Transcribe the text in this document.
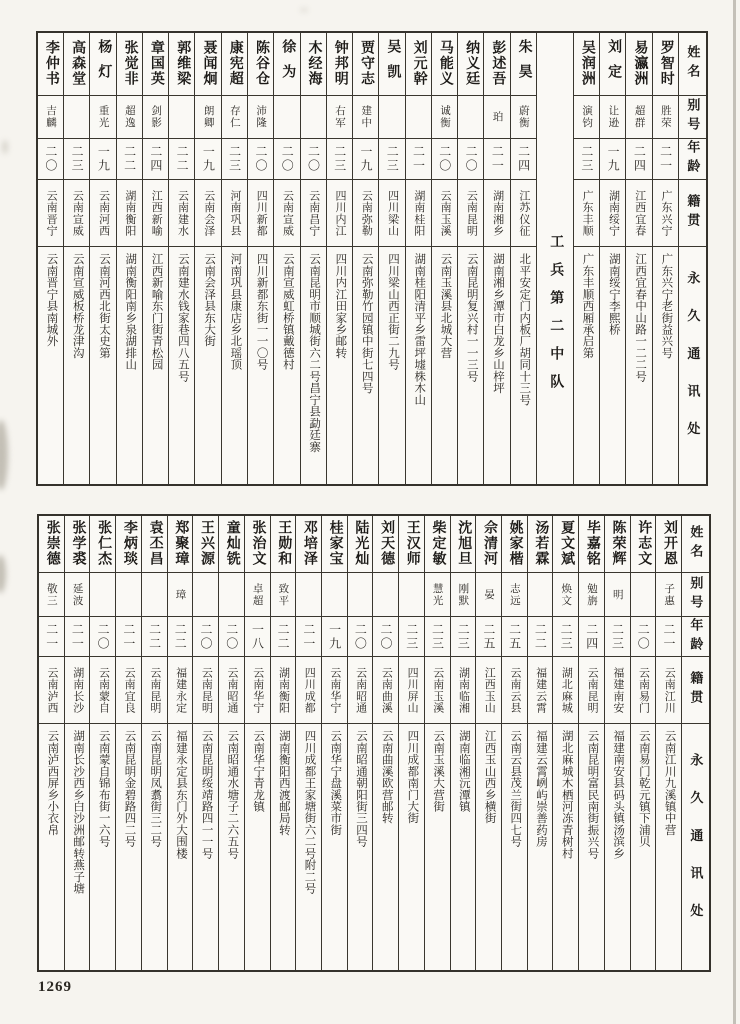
姓名
别号
年龄
籍贯
永久通讯处
罗智时
胜荣
二一
广东兴宁
广东兴宁老街益兴号
易瀛洲
超群
二四
江西宜春
江西宜春中山路一二二号
刘定
让逊
一九
湖南绥宁
湖南绥宁李熙桥
吴润洲
演钧
二三
广东丰顺
广东丰顺西厢承启第
工兵第二中队
朱昊
蔚衡
二四
江苏仪征
北平安定门内板厂胡同十三号
彭述吾
珀
二一
湖南湘乡
湖南湘乡潭市白龙乡山梓坪
纳义廷
二〇
云南昆明
云南昆明复兴村一一三号
马能义
诚衡
二〇
云南玉溪
云南玉溪县北城大营
刘元幹
二一
湖南桂阳
湖南桂阳清平乡雷坪墟株木山
吴凯
二三
四川梁山
四川梁山西正街二九号
贾守志
建中
一九
云南弥勒
云南弥勒竹园镇中街七四号
钟邦明
右军
二三
四川内江
四川内江田家乡邮转
木经海
二〇
云南昌宁
云南昆明市顺城街六二号昌宁县勐廷寨
徐为
二〇
云南宣威
云南宣威虹桥镇戴德村
陈谷仓
沛隆
二〇
四川新都
四川新都东街一一〇号
康宪超
存仁
二三
河南巩县
河南巩县康店乡北瑶顶
聂闻炯
朗卿
一九
云南会泽
云南会泽县东大街
郭维梁
二二
云南建水
云南建水钱家巷四八五号
章国英
剑影
二四
江西新喻
江西新喻东门街青松园
张觉非
超逸
二二
湖南衡阳
湖南衡阳南乡泉湖排山
杨灯
重光
一九
云南河西
云南河西北街太史第
高森堂
二三
云南宣威
云南宣威板桥龙津沟
李仲书
吉麟
二〇
云南晋宁
云南晋宁县南城外
姓名
别号
年龄
籍贯
永久通讯处
刘开恩
子惠
二一
云南江川
云南江川九溪镇中营
许志文
二〇
云南易门
云南易门乾元镇下浦贝
陈荣辉
明
二三
福建南安
福建南安县码头镇汤滨乡
毕嘉铭
勉旃
二四
云南昆明
云南昆明富民南街振兴号
夏文斌
焕文
二三
湖北麻城
湖北麻城木栖河冻青树村
汤若霖
二二
福建云霄
福建云霄峢屿崇善药房
姚家楷
志远
二五
云南云县
云南云县茂兰街四七号
佘清河
晏
二五
江西玉山
江西玉山西乡横街
沈旭旦
刚默
二三
湖南临湘
湖南临湘沅潭镇
柴定敏
慧光
二三
云南玉溪
云南玉溪大营街
王汉师
二三
四川屏山
四川成都南门大街
刘天德
二〇
云南曲溪
云南曲溪欧营邮转
陆光灿
二〇
云南昭通
云南昭通朝阳街三四号
桂家宝
一九
云南华宁
云南华宁盘溪菜市街
邓培泽
二一
四川成都
四川成都王家塘街六二号附二号
王勋和
致平
二二
湖南衡阳
湖南衡阳西渡邮局转
张治文
卓超
一八
云南华宁
云南华宁青龙镇
童灿铣
二〇
云南昭通
云南昭通水塘子二六五号
王兴源
二〇
云南昆明
云南昆明绥靖路四一一号
郑聚璋
璋
二二
福建永定
福建永定县东门外大围楼
袁丕昌
二二
云南昆明
云南昆明凤翥街三二号
李炳琰
二一
云南宜良
云南昆明金碧路四二号
张仁杰
二〇
云南蒙自
云南蒙自锦布街一六号
张学裘
延波
二一
湖南长沙
湖南长沙西乡白沙洲邮转燕子塘
张崇德
敬三
二一
云南泸西
云南泸西屏乡小衣帛
1269
